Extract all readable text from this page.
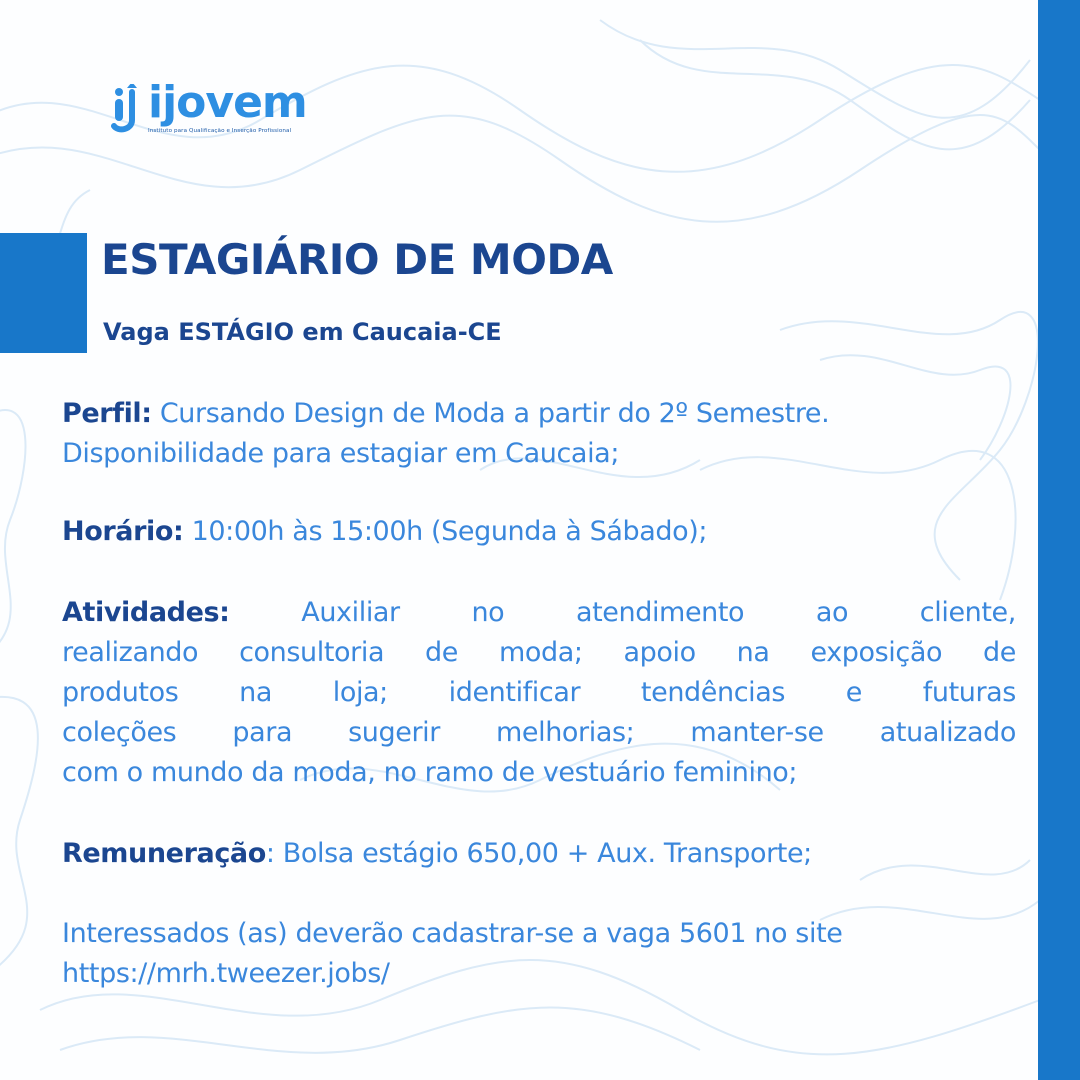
ijovem
Instituto para Qualificação e Inserção Profissional
ESTAGIÁRIO DE MODA
Vaga ESTÁGIO em Caucaia-CE
Perfil: Cursando Design de Moda a partir do 2º Semestre.
Disponibilidade para estagiar em Caucaia;
Horário: 10:00h às 15:00h (Segunda à Sábado);
Atividades:	Auxiliar	no	atendimento	ao	cliente,
realizando consultoria de moda; apoio na exposição de
produtos na loja; identificar tendências e futuras
coleções para sugerir melhorias; manter-se atualizado
com o mundo da moda, no ramo de vestuário feminino;
Remuneração: Bolsa estágio 650,00 + Aux. Transporte;
Interessados (as) deverão cadastrar-se a vaga 5601 no site
https://mrh.tweezer.jobs/
